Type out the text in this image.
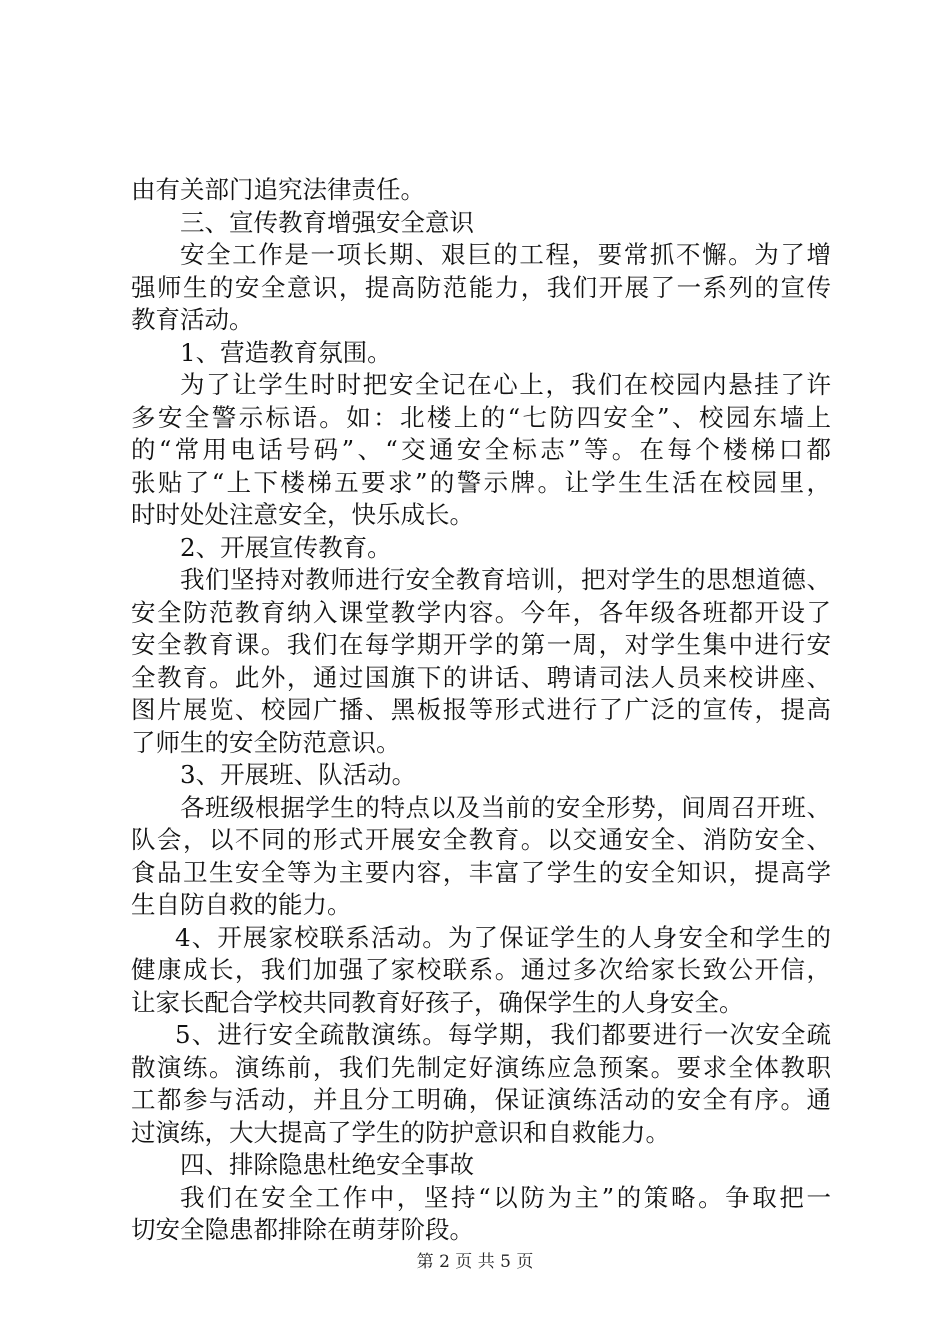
由有关部门追究法律责任。
三、宣传教育增强安全意识
安全工作是一项长期、艰巨的工程，要常抓不懈。为了增
强师生的安全意识，提高防范能力，我们开展了一系列的宣传
教育活动。
1、营造教育氛围。
为了让学生时时把安全记在心上，我们在校园内悬挂了许
多安全警示标语。如：北楼上的“七防四安全”、校园东墙上
的“常用电话号码”、“交通安全标志”等。在每个楼梯口都
张贴了“上下楼梯五要求”的警示牌。让学生生活在校园里，
时时处处注意安全，快乐成长。
2、开展宣传教育。
我们坚持对教师进行安全教育培训，把对学生的思想道德、
安全防范教育纳入课堂教学内容。今年，各年级各班都开设了
安全教育课。我们在每学期开学的第一周，对学生集中进行安
全教育。此外，通过国旗下的讲话、聘请司法人员来校讲座、
图片展览、校园广播、黑板报等形式进行了广泛的宣传，提高
了师生的安全防范意识。
3、开展班、队活动。
各班级根据学生的特点以及当前的安全形势，间周召开班、
队会，以不同的形式开展安全教育。以交通安全、消防安全、
食品卫生安全等为主要内容，丰富了学生的安全知识，提高学
生自防自救的能力。
4、开展家校联系活动。为了保证学生的人身安全和学生的
健康成长，我们加强了家校联系。通过多次给家长致公开信，
让家长配合学校共同教育好孩子，确保学生的人身安全。
5、进行安全疏散演练。每学期，我们都要进行一次安全疏
散演练。演练前，我们先制定好演练应急预案。要求全体教职
工都参与活动，并且分工明确，保证演练活动的安全有序。通
过演练，大大提高了学生的防护意识和自救能力。
四、排除隐患杜绝安全事故
我们在安全工作中，坚持“以防为主”的策略。争取把一
切安全隐患都排除在萌芽阶段。
第 2 页 共 5 页
